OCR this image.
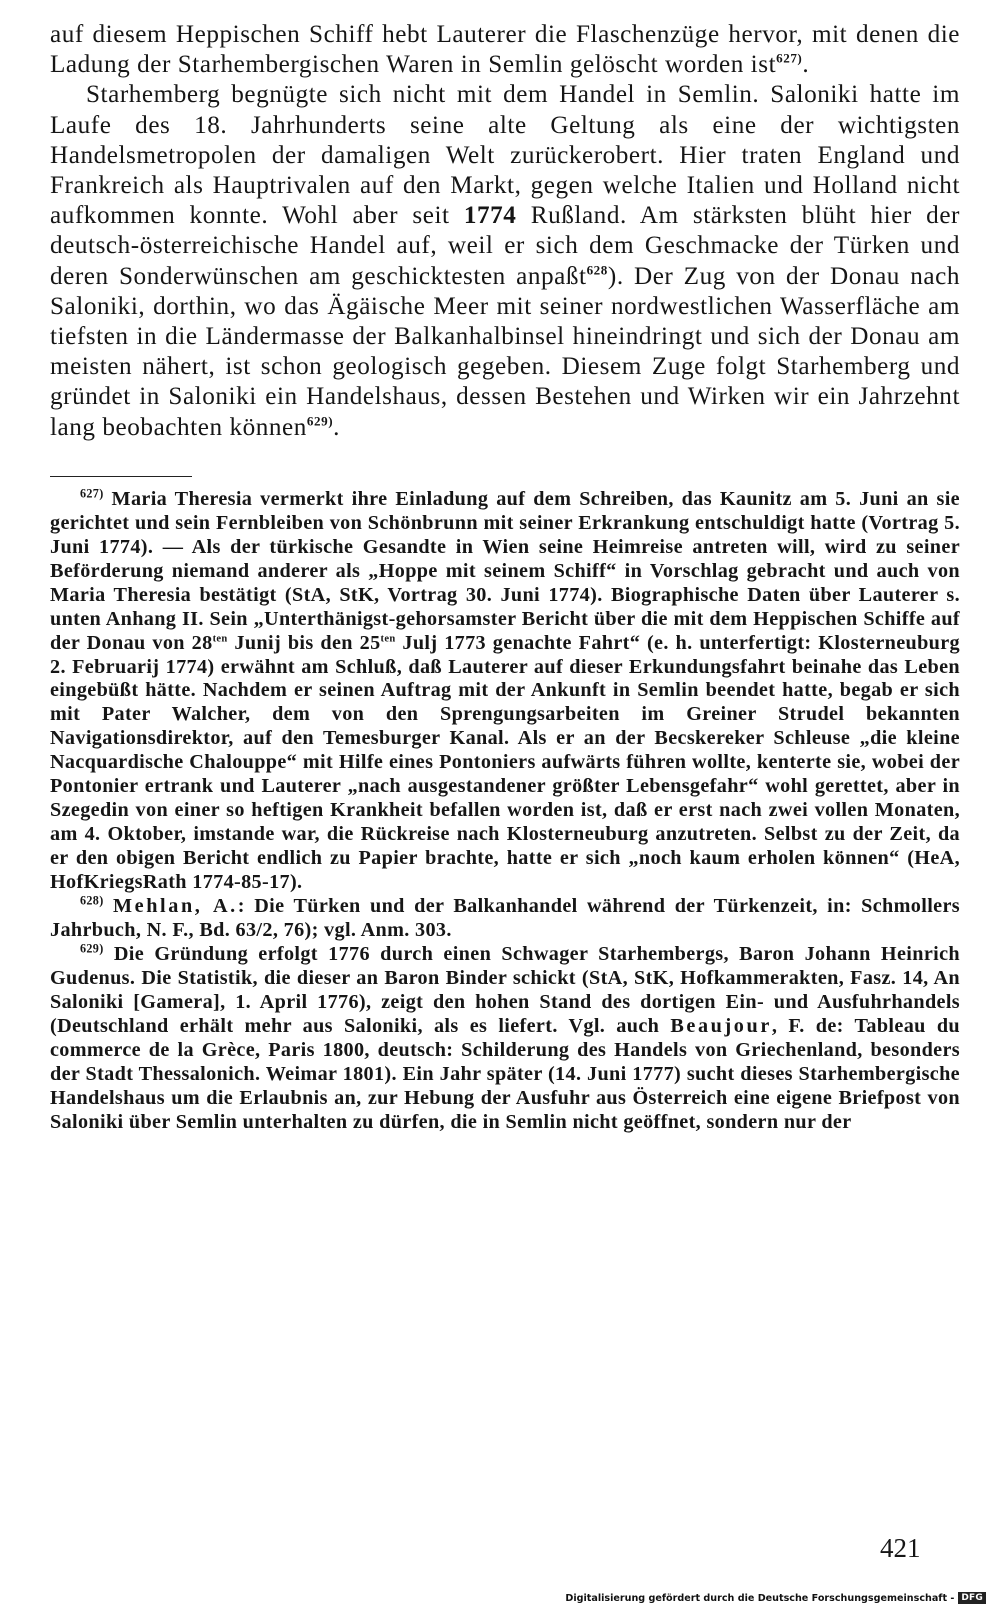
auf diesem Heppischen Schiff hebt Lauterer die Flaschenzüge hervor, mit denen die Ladung der Starhembergischen Waren in Semlin gelöscht worden ist$^{627)}$.

Starhemberg begnügte sich nicht mit dem Handel in Semlin. Saloniki hatte im Laufe des 18. Jahrhunderts seine alte Geltung als eine der wichtigsten Handelsmetropolen der damaligen Welt zurückerobert. Hier traten England und Frankreich als Hauptrivalen auf den Markt, gegen welche Italien und Holland nicht aufkommen konnte. Wohl aber seit 1774 Rußland. Am stärksten blüht hier der deutsch-österreichische Handel auf, weil er sich dem Geschmacke der Türken und deren Sonderwünschen am geschicktesten anpaßt$^{628}$). Der Zug von der Donau nach Saloniki, dorthin, wo das Ägäische Meer mit seiner nordwestlichen Wasserfläche am tiefsten in die Ländermasse der Balkanhalbinsel hineindringt und sich der Donau am meisten nähert, ist schon geologisch gegeben. Diesem Zuge folgt Starhemberg und gründet in Saloniki ein Handelshaus, dessen Bestehen und Wirken wir ein Jahrzehnt lang beobachten können$^{629)}$.

$^{627)}$ Maria Theresia vermerkt ihre Einladung auf dem Schreiben, das Kaunitz am 5. Juni an sie gerichtet und sein Fernbleiben von Schönbrunn mit seiner Erkrankung entschuldigt hatte (Vortrag 5. Juni 1774). — Als der türkische Gesandte in Wien seine Heimreise antreten will, wird zu seiner Beförderung niemand anderer als „Hoppe mit seinem Schiff“ in Vorschlag gebracht und auch von Maria Theresia bestätigt (StA, StK, Vortrag 30. Juni 1774). Biographische Daten über Lauterer s. unten Anhang II. Sein „Unterthänigst-gehorsamster Bericht über die mit dem Heppischen Schiffe auf der Donau von $28^{ten}$ Junij bis den $25^{ten}$ Julj 1773 genachte Fahrt“ (e. h. unterfertigt: Klosterneuburg 2. Februarij 1774) erwähnt am Schluß, daß Lauterer auf dieser Erkundungsfahrt beinahe das Leben eingebüßt hätte. Nachdem er seinen Auftrag mit der Ankunft in Semlin beendet hatte, begab er sich mit Pater Walcher, dem von den Sprengungsarbeiten im Greiner Strudel bekannten Navigationsdirektor, auf den Temesburger Kanal. Als er an der Becskereker Schleuse „die kleine Nacquardische Chalouppe“ mit Hilfe eines Pontoniers aufwärts führen wollte, kenterte sie, wobei der Pontonier ertrank und Lauterer „nach ausgestandener größter Lebensgefahr“ wohl gerettet, aber in Szegedin von einer so heftigen Krankheit befallen worden ist, daß er erst nach zwei vollen Monaten, am 4. Oktober, imstande war, die Rückreise nach Klosterneuburg anzutreten. Selbst zu der Zeit, da er den obigen Bericht endlich zu Papier brachte, hatte er sich „noch kaum erholen können“ (HeA, HofKriegsRath 1774-85-17).

$^{628)}$ Mehlan, A.: Die Türken und der Balkanhandel während der Türkenzeit, in: Schmollers Jahrbuch, N. F., Bd. 63/2, 76); vgl. Anm. 303.

$^{629)}$ Die Gründung erfolgt 1776 durch einen Schwager Starhembergs, Baron Johann Heinrich Gudenus. Die Statistik, die dieser an Baron Binder schickt (StA, StK, Hofkammerakten, Fasz. 14, An Saloniki [Gamera], 1. April 1776), zeigt den hohen Stand des dortigen Ein- und Ausfuhrhandels (Deutschland erhält mehr aus Saloniki, als es liefert. Vgl. auch Beaujour, F. de: Tableau du commerce de la Grèce, Paris 1800, deutsch: Schilderung des Handels von Griechenland, besonders der Stadt Thessalonich. Weimar 1801). Ein Jahr später (14. Juni 1777) sucht dieses Starhembergische Handelshaus um die Erlaubnis an, zur Hebung der Ausfuhr aus Österreich eine eigene Briefpost von Saloniki über Semlin unterhalten zu dürfen, die in Semlin nicht geöffnet, sondern nur der

421
Digitalisierung gefördert durch die Deutsche Forschungsgemeinschaft - DFG
